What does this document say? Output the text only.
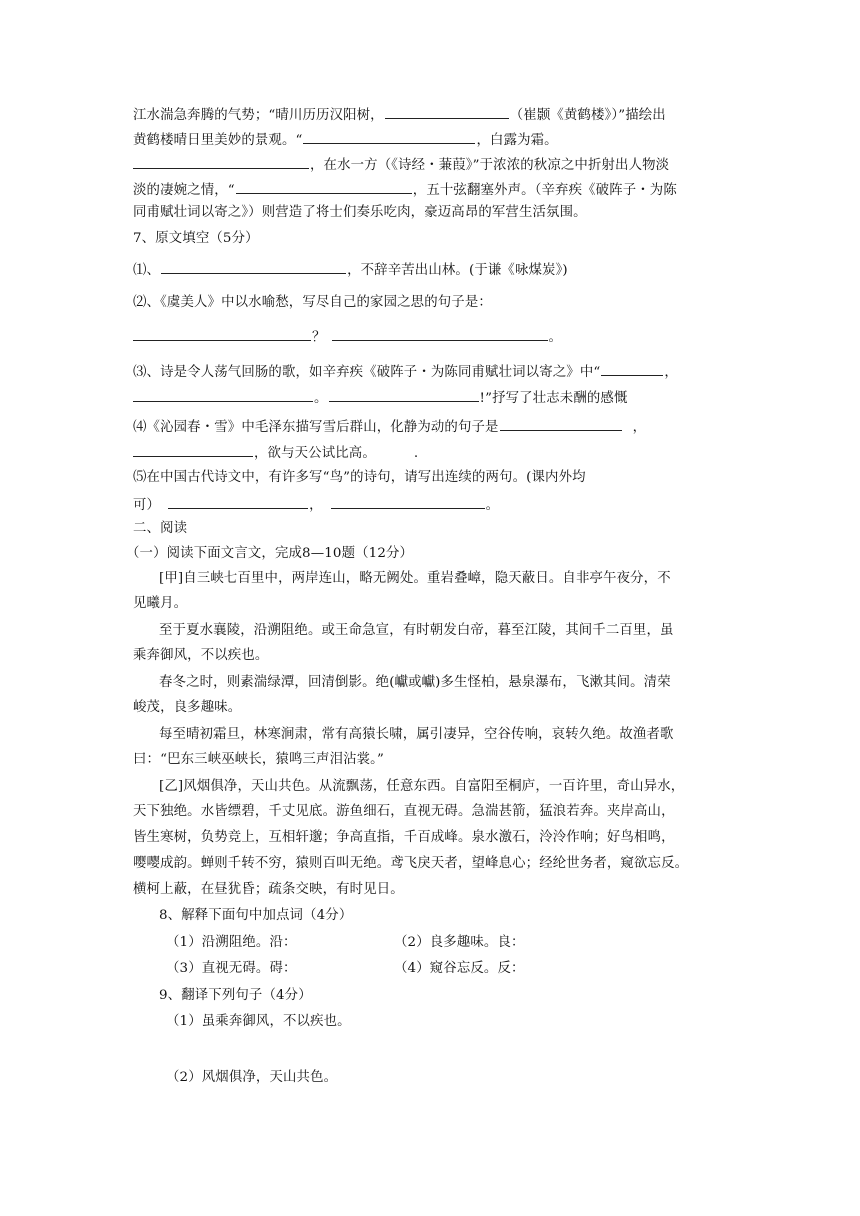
江水湍急奔腾的气势；“晴川历历汉阳树，	（崔颢《黄鹤楼》）”描绘出
黄鹤楼晴日里美妙的景观。“	，白露为霜。
，在水一方（《诗经・蒹葭》”于浓浓的秋凉之中折射出人物淡
淡的凄婉之情，“	，五十弦翻塞外声。（辛弃疾《破阵子・为陈
同甫赋壮词以寄之》）则营造了将士们奏乐吃肉，豪迈高昂的军营生活氛围。
7、原文填空（5分）
⑴、	，不辞辛苦出山林。(于谦《咏煤炭》)
⑵、《虞美人》中以水喻愁，写尽自己的家园之思的句子是：
？	。
⑶、诗是令人荡气回肠的歌，如辛弃疾《破阵子・为陈同甫赋壮词以寄之》中“	，
。	!”抒写了壮志未酬的感慨
⑷《沁园春・雪》中毛泽东描写雪后群山，化静为动的句子是	，
，欲与天公试比高。	.
⑸在中国古代诗文中，有许多写“鸟”的诗句，请写出连续的两句。(课内外均
可）	，	。
二、阅读
（一）阅读下面文言文，完成8—10题（12分）
[甲]自三峡七百里中，两岸连山，略无阙处。重岩叠嶂，隐天蔽日。自非亭午夜分，不
见曦月。
至于夏水襄陵，沿溯阻绝。或王命急宣，有时朝发白帝，暮至江陵，其间千二百里，虽
乘奔御风，不以疾也。
春冬之时，则素湍绿潭，回清倒影。绝(巘或巘)多生怪柏，悬泉瀑布，飞漱其间。清荣
峻茂，良多趣味。
每至晴初霜旦，林寒涧肃，常有高猿长啸，属引凄异，空谷传响，哀转久绝。故渔者歌
曰：“巴东三峡巫峡长，猿鸣三声泪沾裳。”
[乙]风烟俱净，天山共色。从流飘荡，任意东西。自富阳至桐庐，一百许里，奇山异水，
天下独绝。水皆缥碧，千丈见底。游鱼细石，直视无碍。急湍甚箭，猛浪若奔。夹岸高山，
皆生寒树，负势竞上，互相轩邈；争高直指，千百成峰。泉水激石，泠泠作响；好鸟相鸣，
嘤嘤成韵。蝉则千转不穷，猿则百叫无绝。鸢飞戾天者，望峰息心；经纶世务者，窥欲忘反。
横柯上蔽，在昼犹昏；疏条交映，有时见日。
8、解释下面句中加点词（4分）
（1）沿溯阻绝。沿：	（2）良多趣味。良：
（3）直视无碍。碍：	（4）窥谷忘反。反：
9、翻译下列句子（4分）
（1）虽乘奔御风，不以疾也。
（2）风烟俱净，天山共色。
